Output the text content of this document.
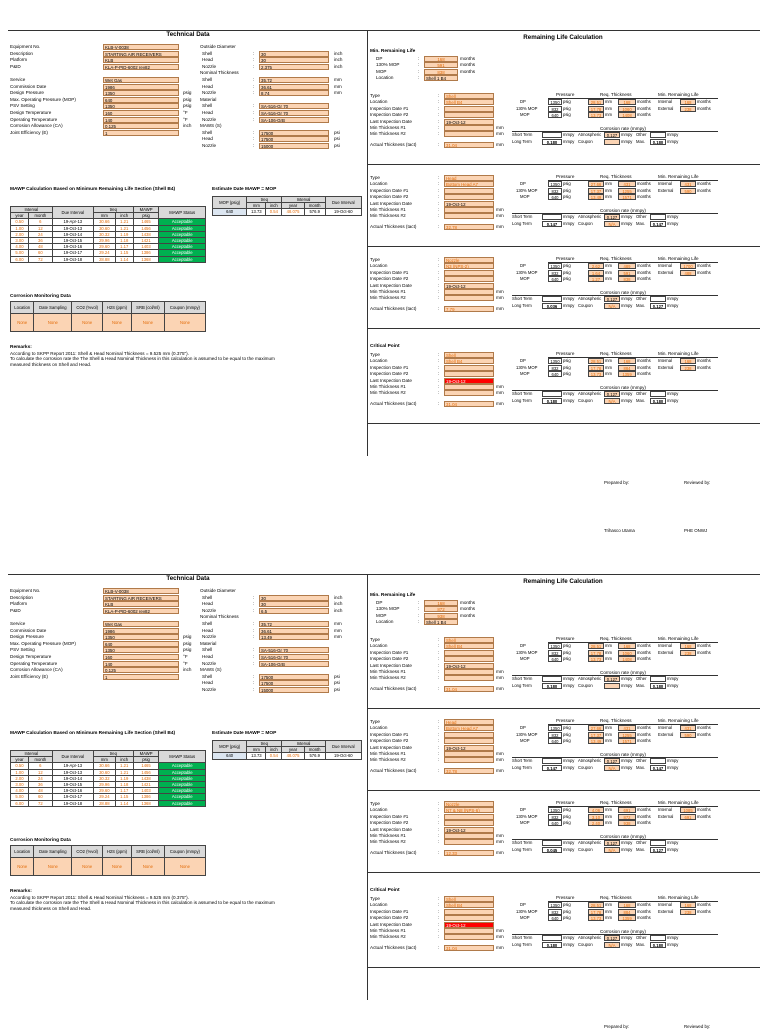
Technical Data	Remaining Life Calculation
Equipment No.	KLB-V-0038
Description	STARTING AIR RECEIVERS
Platform	KLB
P&ID	KLA-P-PID-6002 rev82
Service	Wet Gas
Commission Date	1986
Design Pressure	1350	psig
Max. Operating Pressure (MOP)	640	psig
PSV Setting	1350	psig
Design Temperature	160	°F
Operating Temperature	140	°F
Corrosion Allowance (CA)	0.125	inch
Joint Efficiency (E)	1
Outside Diameter
Shell	:	30	inch
Head	:	30	inch
Nozzle	:	2.375	inch
Nominal Thickness
Shell	:	35.72	mm
Head	:	36.61	mm
Nozzle	:	8.74	mm
Material
Shell	:	SA-516-Gr 70
Head	:	SA-516-Gr 70
Nozzle	:	SA-106-GrB
MAWS (S)
Shell	:	17500	psi
Head	:	17500	psi
Nozzle	:	15000	psi
MAWP Calculation Based on Minimum Remaining Life Section (Shell B4)	Estimate Date MAWP = MOP
Interval		Due Interval	treq		MAWP	MAWP Status
year	month		mm	inch	psig	
0.50	6	19-Apr-13	30.66	1.21	1465	Acceptable
1.00	12	19-Oct-13	30.60	1.21	1456	Acceptable
2.00	24	19-Oct-14	30.32	1.19	1438	Acceptable
3.00	36	19-Oct-15	29.96	1.18	1421	Acceptable
4.00	48	19-Oct-16	29.60	1.17	1403	Acceptable
5.00	60	19-Oct-17	29.24	1.15	1386	Acceptable
6.00	72	19-Oct-18	28.88	1.14	1368	Acceptable
MOP (psig)	treq		Interval		Due Interval
	mm	inch	year	month	
640	13.73	0.54	48.075	576.9	19-Oct-60
Corrosion Monitoring Data
Location	Date Sampling	CO2 (%vol)	H2S (ppm)	SRB (col/ml)	Coupon (mmpy)
None	None	None	None	None	None
Remarks:
According to SKPP Report 2011: Shell & Head Nominal Thickness = 9.525 mm (0.375").
To calculate the corrosion rate the The Shell & Head Nominal Thickness in this calculation is assumed to be equal to the maximum
measured thickness on Shell and Head.
Min. Remaining Life
DP	:	168	months
130% MOP	:	591	months
MOP	:	838	months
Location	:	Shell 1 B4
Type	:	Shell
Location	:	Shell B4
Inspection Date #1	:
Inspection Date #2	:
Last Inspection Date	:	19-Oct-12
Min Thickness #1	:	mm
Min Thickness #2	:	mm
Actual Thickness (tact)	:	31.04	mm
Pressure	Req. Thickness	Min. Remaining Life
DP	1350 psig	28.51 mm	168 months Internal	168 months
130% MOP	832 psig	17.78 mm 1060 months External	238 months
MOP	640 psig	13.73 mm 1408 months
Corrosion rate (mmpy)
Short Term	mmpy Atmospheric 0.127 mmpy Other	mmpy
Long Term	0.180 mmpy Coupon	mmpy Max. 0.180 mmpy
Type	:	Head
Location	:	Bottom Head A7
Inspection Date #1	:
Inspection Date #2	:
Last Inspection Date	:	19-Oct-12
Min Thickness #1	:	mm
Min Thickness #2	:	mm
Actual Thickness (tact)	:	32.78	mm
Pressure	Req. Thickness	Min. Remaining Life
DP	1350 psig	27.66 mm	431 months Internal	431 months
130% MOP	832 psig	17.37 mm 1255 months External	590 months
MOP	640 psig	13.49 mm 1571 months
Corrosion rate (mmpy)
Short Term	mmpy Atmospheric 0.127 mmpy Other	mmpy
Long Term	0.147 mmpy Coupon	N/A mmpy Max. 0.147 mmpy
Type	:	Nozzle
Location	:	N3 (NPS-2)
Inspection Date #1	:
Inspection Date #2	:
Last Inspection Date	:	19-Oct-12
Min Thickness #1	:	mm
Min Thickness #2	:	mm
Actual Thickness (tact)	:	7.79	mm
Pressure	Req. Thickness	Min. Remaining Life
DP	1350 psig	2.62 mm	489 months Internal	1700 months
130% MOP	832 psig	1.64 mm	591 months External	488 months
MOP	640 psig	1.27 mm	838 months
Corrosion rate (mmpy)
Short Term	mmpy Atmospheric 0.127 mmpy Other	mmpy
Long Term	0.036 mmpy Coupon	N/A mmpy Max. 0.127 mmpy
Critical Point
Type	:	Shell
Location	:	Shell B4
Inspection Date #1	:
Inspection Date #2	:
Last Inspection Date	:	19-Oct-12
Min Thickness #1	:	mm
Min Thickness #2	:	mm
Actual Thickness (tact)	:	31.04	mm
Pressure	Req. Thickness	Min. Remaining Life
DP	1350 psig	28.51 mm	168 months Internal	168 months
130% MOP	832 psig	17.78 mm	884 months External	238 months
MOP	640 psig	13.73 mm 1359 months
Corrosion rate (mmpy)
Short Term	mmpy Atmospheric 0.127 mmpy Other	mmpy
Long Term	0.180 mmpy Coupon	N/A mmpy Max. 0.180 mmpy
Prepared by:	Reviewed by:
Trihasco Utama	PHE ONWJ
Technical Data	Remaining Life Calculation
Equipment No.	KLB-V-0038
Description	STARTING AIR RECEIVERS
Platform	KLB
P&ID	KLA-P-PID-6002 rev82
Service	Wet Gas
Commission Date	1986
Design Pressure	1350	psig
Max. Operating Pressure (MOP)	640	psig
PSV Setting	1350	psig
Design Temperature	160	°F
Operating Temperature	140	°F
Corrosion Allowance (CA)	0.125	inch
Joint Efficiency (E)	1
Outside Diameter
Shell	:	30	inch
Head	:	30	inch
Nozzle	:	6.5	inch
Nominal Thickness
Shell	:	35.72	mm
Head	:	36.61	mm
Nozzle	:	13.49	mm
Material
Shell	:	SA-516-Gr 70
Head	:	SA-516-Gr 70
Nozzle	:	SA-106-GrB
MAWS (S)
Shell	:	17500	psi
Head	:	17500	psi
Nozzle	:	15000	psi
MAWP Calculation Based on Minimum Remaining Life Section (Shell B4)	Estimate Date MAWP = MOP
Interval		Due Interval	treq		MAWP	MAWP Status
year	month		mm	inch	psig	
0.50	6	19-Apr-13	30.66	1.21	1465	Acceptable
1.00	12	19-Oct-13	30.60	1.21	1456	Acceptable
2.00	24	19-Oct-14	30.32	1.19	1438	Acceptable
3.00	36	19-Oct-15	29.96	1.18	1421	Acceptable
4.00	48	19-Oct-16	29.60	1.17	1403	Acceptable
5.00	60	19-Oct-17	29.24	1.15	1386	Acceptable
6.00	72	19-Oct-18	28.88	1.14	1368	Acceptable
MOP (psig)	treq		Interval		Due Interval
	mm	inch	year	month	
640	13.73	0.54	48.075	576.9	19-Oct-60
Corrosion Monitoring Data
Location	Date Sampling	CO2 (%vol)	H2S (ppm)	SRB (col/ml)	Coupon (mmpy)
None	None	None	None	None	None
Remarks:
According to SKPP Report 2011: Shell & Head Nominal Thickness = 9.525 mm (0.375").
To calculate the corrosion rate the The Shell & Head Nominal Thickness in this calculation is assumed to be equal to the maximum
measured thickness on Shell and Head.
Min. Remaining Life
DP	:	168	months
130% MOP	:	872	months
MOP	:	938	months
Location	:	Shell 1 B4
Type	:	Shell
Location	:	Shell B4
Inspection Date #1	:
Inspection Date #2	:
Last Inspection Date	:	19-Oct-12
Min Thickness #1	:	mm
Min Thickness #2	:	mm
Actual Thickness (tact)	:	31.04	mm
Pressure	Req. Thickness	Min. Remaining Life
DP	1350 psig	28.51 mm	168 months Internal	168 months
130% MOP	832 psig	17.78 mm 1060 months External	238 months
MOP	640 psig	13.73 mm 1408 months
Corrosion rate (mmpy)
Short Term	mmpy Atmospheric 0.127 mmpy Other	mmpy
Long Term	0.180 mmpy Coupon	mmpy Max. 0.180 mmpy
Type	:	Head
Location	:	Bottom Head A7
Inspection Date #1	:
Inspection Date #2	:
Last Inspection Date	:	19-Oct-12
Min Thickness #1	:	mm
Min Thickness #2	:	mm
Actual Thickness (tact)	:	32.78	mm
Pressure	Req. Thickness	Min. Remaining Life
DP	1350 psig	27.66 mm	431 months Internal	431 months
130% MOP	832 psig	17.37 mm 1255 months External	590 months
MOP	640 psig	13.49 mm 1571 months
Corrosion rate (mmpy)
Short Term	mmpy Atmospheric 0.127 mmpy Other	mmpy
Long Term	0.147 mmpy Coupon	N/A mmpy Max. 0.147 mmpy
Type	:	Nozzle
Location	:	N7 & N8 (NPS-6)
Inspection Date #1	:
Inspection Date #2	:
Last Inspection Date	:	19-Oct-12
Min Thickness #1	:	mm
Min Thickness #2	:	mm
Actual Thickness (tact)	:	12.33	mm
Pressure	Req. Thickness	Min. Remaining Life
DP	1350 psig	4.06 mm	691 months Internal	1085 months
130% MOP	832 psig	3.10 mm	872 months External	691 months
MOP	640 psig	2.40 mm	938 months
Corrosion rate (mmpy)
Short Term	mmpy Atmospheric 0.127 mmpy Other	mmpy
Long Term	0.045 mmpy Coupon	N/A mmpy Max. 0.127 mmpy
Critical Point
Type	:	Shell
Location	:	Shell B4
Inspection Date #1	:
Inspection Date #2	:
Last Inspection Date	:	19-Oct-12
Min Thickness #1	:	mm
Min Thickness #2	:	mm
Actual Thickness (tact)	:	31.04	mm
Pressure	Req. Thickness	Min. Remaining Life
DP	1350 psig	28.51 mm	168 months Internal	168 months
130% MOP	832 psig	17.78 mm	884 months External	238 months
MOP	640 psig	13.73 mm 1359 months
Corrosion rate (mmpy)
Short Term	mmpy Atmospheric 0.127 mmpy Other	mmpy
Long Term	0.180 mmpy Coupon	N/A mmpy Max. 0.180 mmpy
Prepared by:	Reviewed by:
